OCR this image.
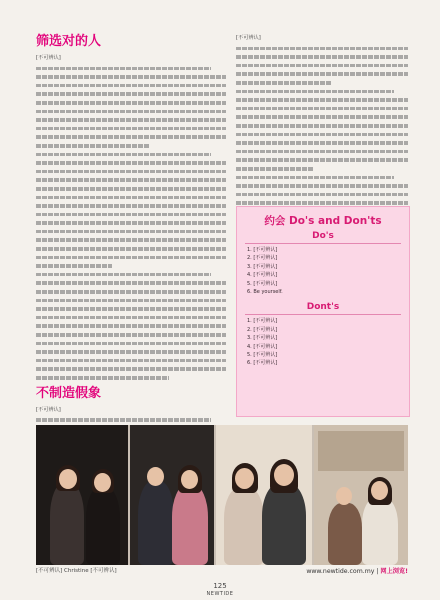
筛选对的人

[不可辨认]

不制造假象

[不可辨认]

[不可辨认]

约会 Do's and Don'ts
Do's
1. [不可辨认]
2. [不可辨认]
3. [不可辨认]
4. [不可辨认]
5. [不可辨认]
6. Be yourself.
Dont's
1. [不可辨认]
2. [不可辨认]
3. [不可辨认]
4. [不可辨认]
5. [不可辨认]
6. [不可辨认]
[不可辨认] Christine [不可辨认]	www.newtide.com.my | 网上浏览!
125
NEWTIDE
